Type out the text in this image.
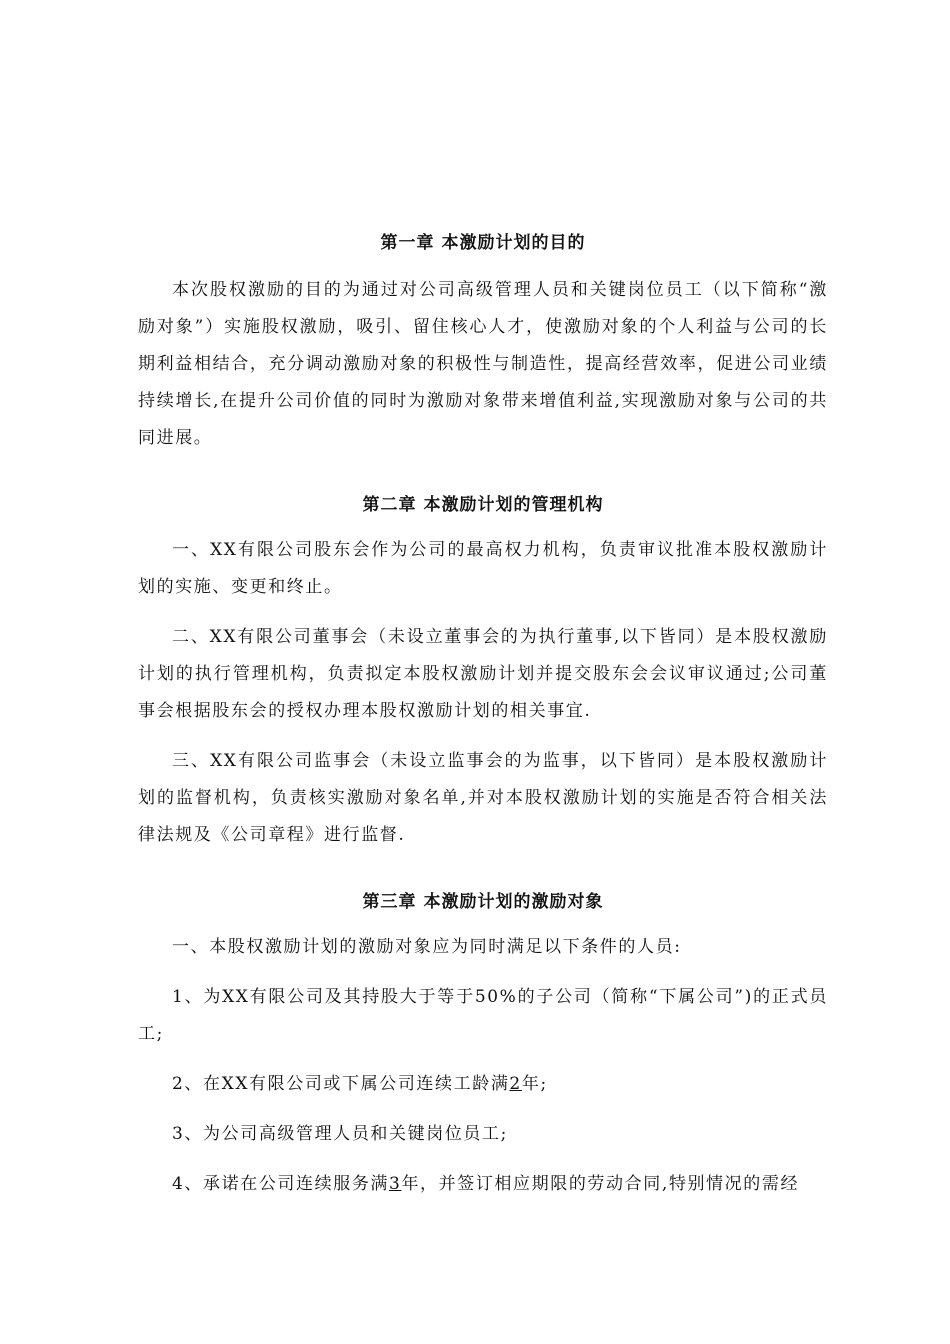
第一章 本激励计划的目的

本次股权激励的目的为通过对公司高级管理人员和关键岗位员工（以下简称“激励对象”）实施股权激励，吸引、留住核心人才，使激励对象的个人利益与公司的长期利益相结合，充分调动激励对象的积极性与制造性，提高经营效率，促进公司业绩持续增长,在提升公司价值的同时为激励对象带来增值利益,实现激励对象与公司的共同进展。

第二章 本激励计划的管理机构

一、XX有限公司股东会作为公司的最高权力机构，负责审议批准本股权激励计划的实施、变更和终止。

二、XX有限公司董事会（未设立董事会的为执行董事,以下皆同）是本股权激励计划的执行管理机构，负责拟定本股权激励计划并提交股东会会议审议通过;公司董事会根据股东会的授权办理本股权激励计划的相关事宜.

三、XX有限公司监事会（未设立监事会的为监事，以下皆同）是本股权激励计划的监督机构，负责核实激励对象名单,并对本股权激励计划的实施是否符合相关法律法规及《公司章程》进行监督.

第三章 本激励计划的激励对象

一、本股权激励计划的激励对象应为同时满足以下条件的人员:

1、为XX有限公司及其持股大于等于50%的子公司（简称“下属公司”)的正式员工;

2、在XX有限公司或下属公司连续工龄满2年;

3、为公司高级管理人员和关键岗位员工;

4、承诺在公司连续服务满3年，并签订相应期限的劳动合同,特别情况的需经
